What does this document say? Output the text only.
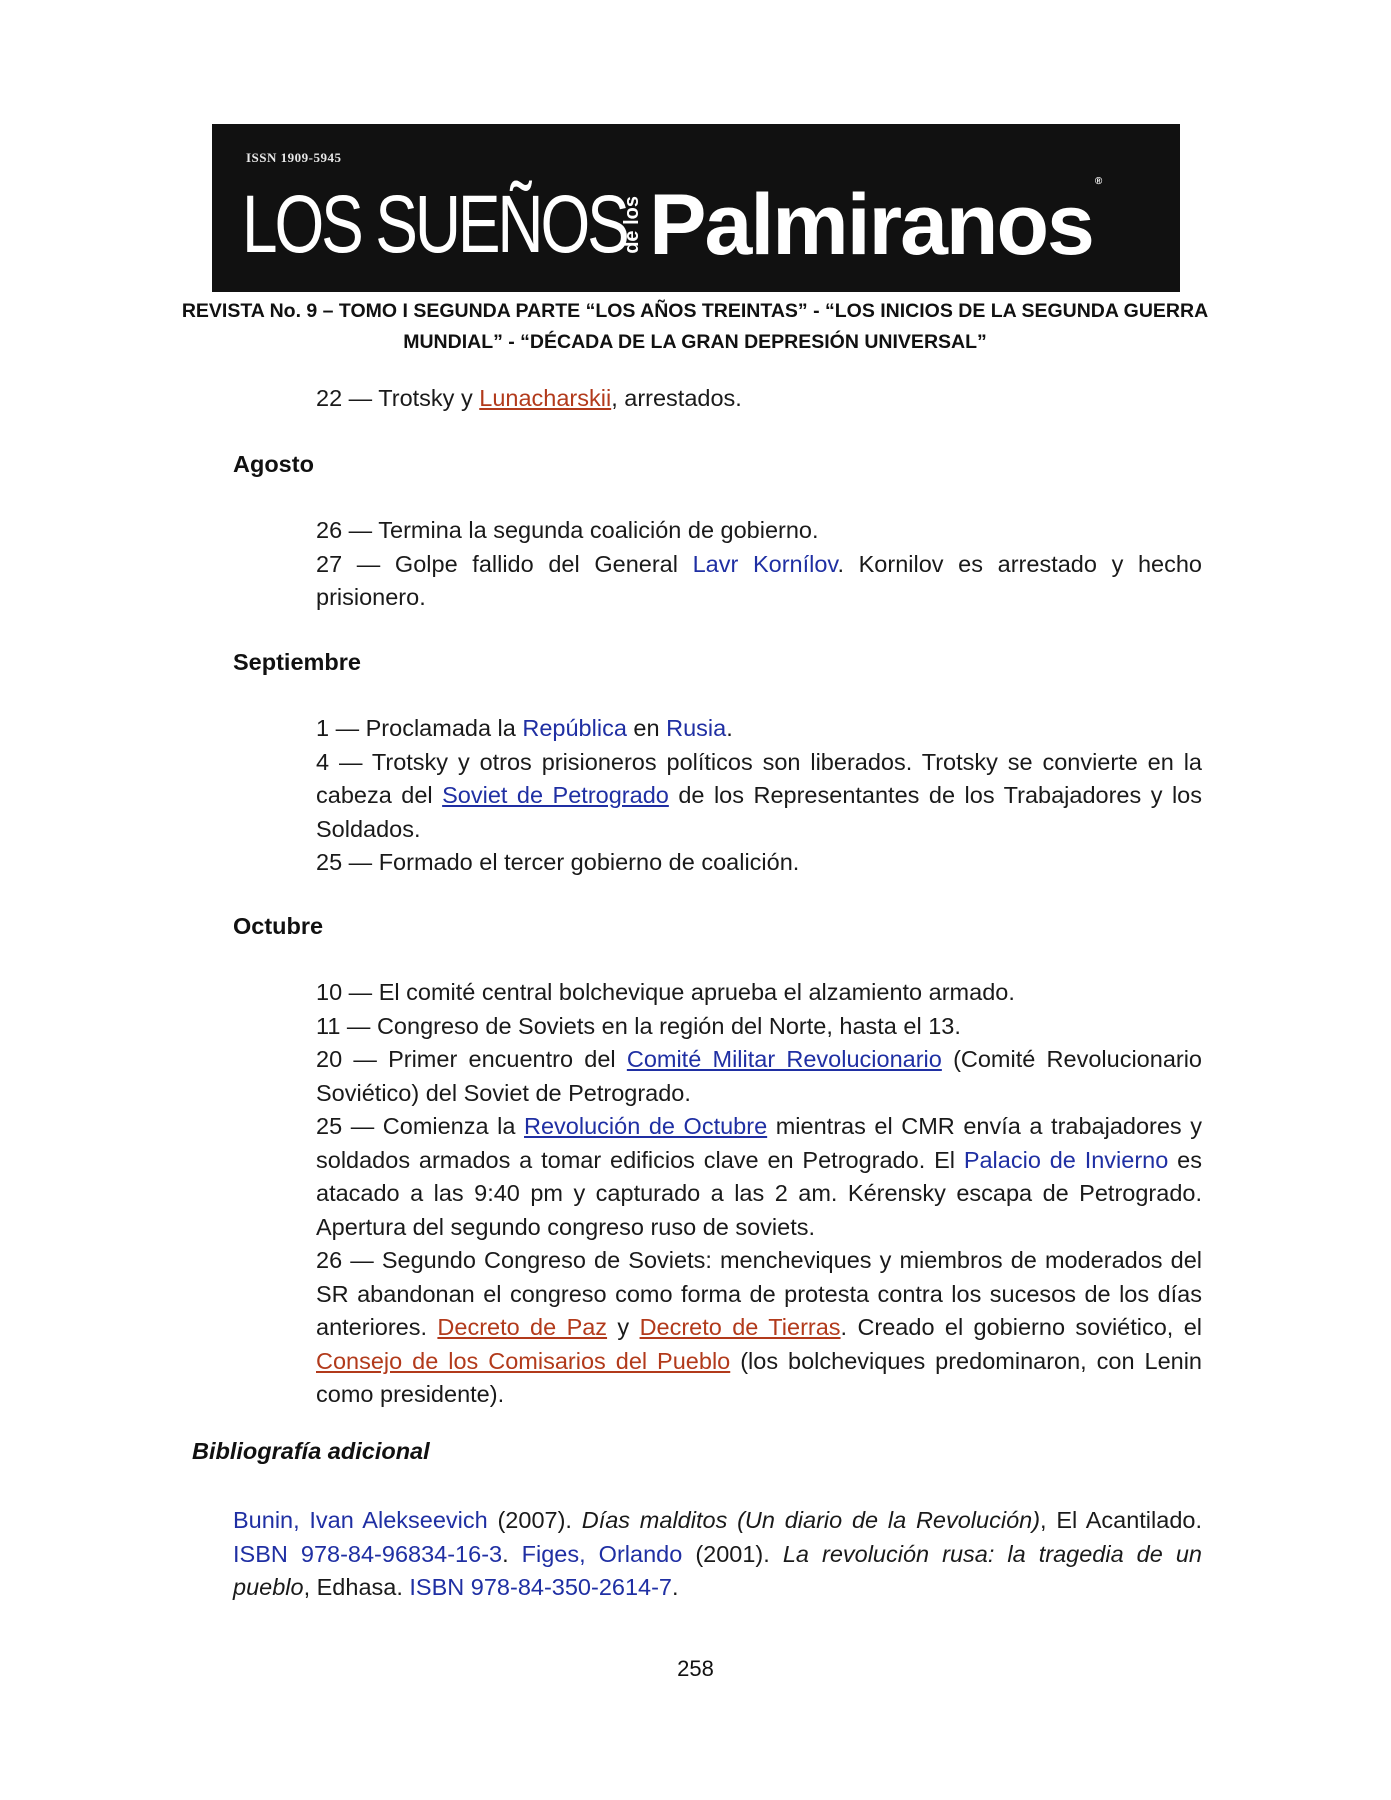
ISSN 1909-5945
LOS SUEÑOS
de los Palmiranos ®
REVISTA No. 9 – TOMO I SEGUNDA PARTE “LOS AÑOS TREINTAS” - “LOS INICIOS DE LA SEGUNDA GUERRA
MUNDIAL” - “DÉCADA DE LA GRAN DEPRESIÓN UNIVERSAL”
22 — Trotsky y Lunacharskii, arrestados.
Agosto
26 — Termina la segunda coalición de gobierno.
27 — Golpe fallido del General Lavr Kornílov. Kornilov es arrestado y hecho prisionero.
Septiembre
1 — Proclamada la República en Rusia.
4 — Trotsky y otros prisioneros políticos son liberados. Trotsky se convierte en la cabeza del Soviet de Petrogrado de los Representantes de los Trabajadores y los Soldados.
25 — Formado el tercer gobierno de coalición.
Octubre
10 — El comité central bolchevique aprueba el alzamiento armado.
11 — Congreso de Soviets en la región del Norte, hasta el 13.
20 — Primer encuentro del Comité Militar Revolucionario (Comité Revolucionario Soviético) del Soviet de Petrogrado.
25 — Comienza la Revolución de Octubre mientras el CMR envía a trabajadores y soldados armados a tomar edificios clave en Petrogrado. El Palacio de Invierno es atacado a las 9:40 pm y capturado a las 2 am. Kérensky escapa de Petrogrado. Apertura del segundo congreso ruso de soviets.
26 — Segundo Congreso de Soviets: mencheviques y miembros de moderados del SR abandonan el congreso como forma de protesta contra los sucesos de los días anteriores. Decreto de Paz y Decreto de Tierras. Creado el gobierno soviético, el Consejo de los Comisarios del Pueblo (los bolcheviques predominaron, con Lenin como presidente).
Bibliografía adicional
Bunin, Ivan Alekseevich (2007). Días malditos (Un diario de la Revolución), El Acantilado. ISBN 978-84-96834-16-3. Figes, Orlando (2001). La revolución rusa: la tragedia de un pueblo, Edhasa. ISBN 978-84-350-2614-7.
258
